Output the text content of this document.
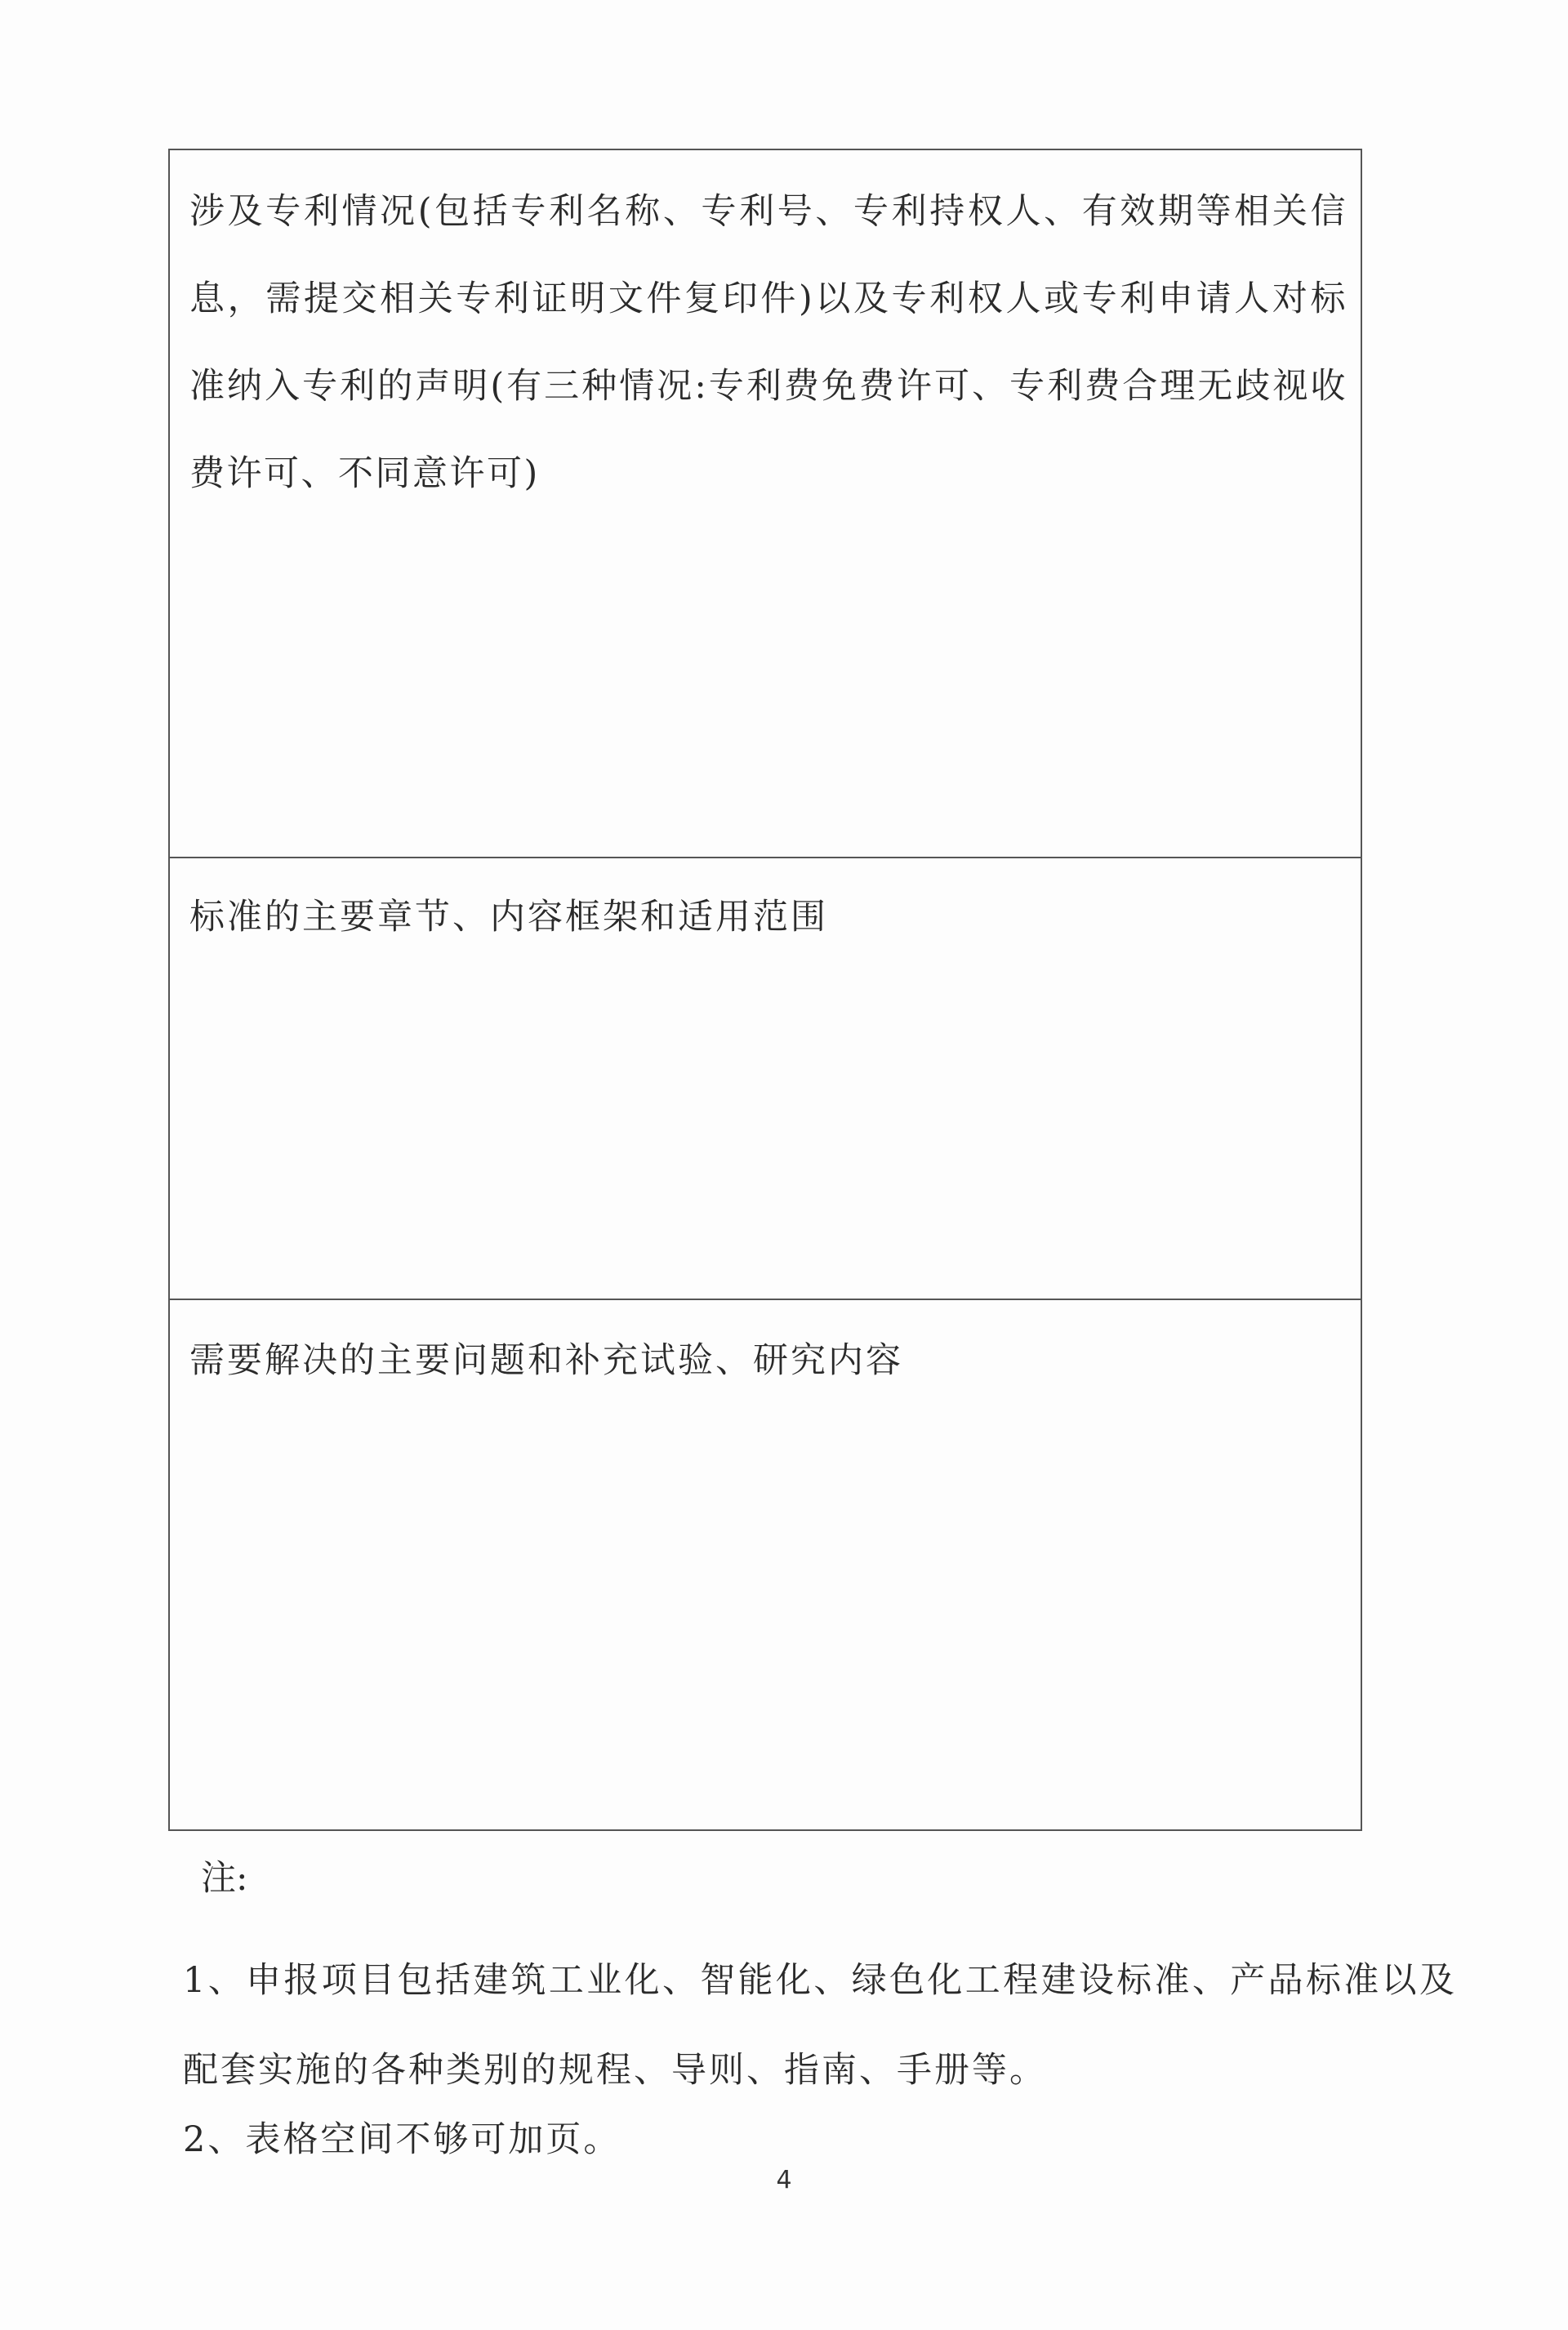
涉及专利情况(包括专利名称、专利号、专利持权人、有效期等相关信息，需提交相关专利证明文件复印件)以及专利权人或专利申请人对标准纳入专利的声明(有三种情况:专利费免费许可、专利费合理无歧视收费许可、不同意许可)

标准的主要章节、内容框架和适用范围

需要解决的主要问题和补充试验、研究内容

注:

1、申报项目包括建筑工业化、智能化、绿色化工程建设标准、产品标准以及配套实施的各种类别的规程、导则、指南、手册等。

2、表格空间不够可加页。

4
